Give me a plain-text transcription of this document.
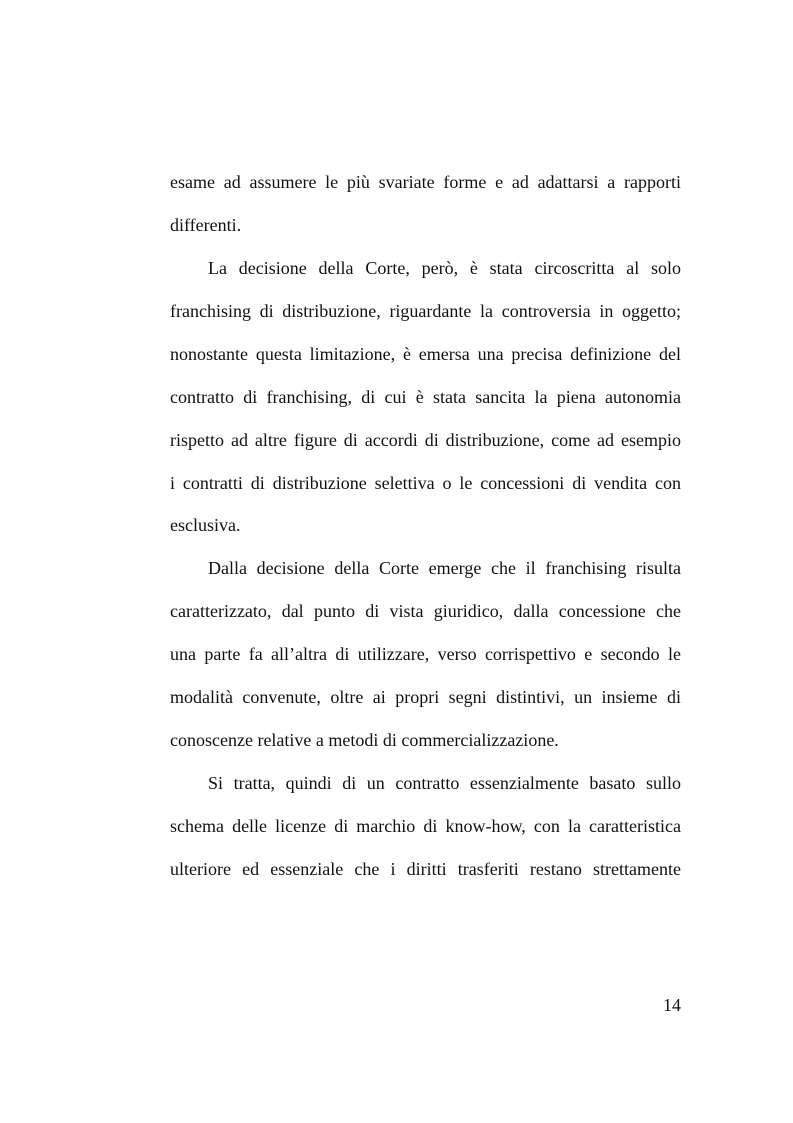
esame ad assumere le più svariate forme e ad adattarsi a rapporti
differenti.
La decisione della Corte, però, è stata circoscritta al solo
franchising di distribuzione, riguardante la controversia in oggetto;
nonostante questa limitazione, è emersa una precisa definizione del
contratto di franchising, di cui è stata sancita la piena autonomia
rispetto ad altre figure di accordi di distribuzione, come ad esempio
i contratti di distribuzione selettiva o le concessioni di vendita con
esclusiva.
Dalla decisione della Corte emerge che il franchising risulta
caratterizzato, dal punto di vista giuridico, dalla concessione che
una parte fa all’altra di utilizzare, verso corrispettivo e secondo le
modalità convenute, oltre ai propri segni distintivi, un insieme di
conoscenze relative a metodi di commercializzazione.
Si tratta, quindi di un contratto essenzialmente basato sullo
schema delle licenze di marchio di know-how, con la caratteristica
ulteriore ed essenziale che i diritti trasferiti restano strettamente
14
